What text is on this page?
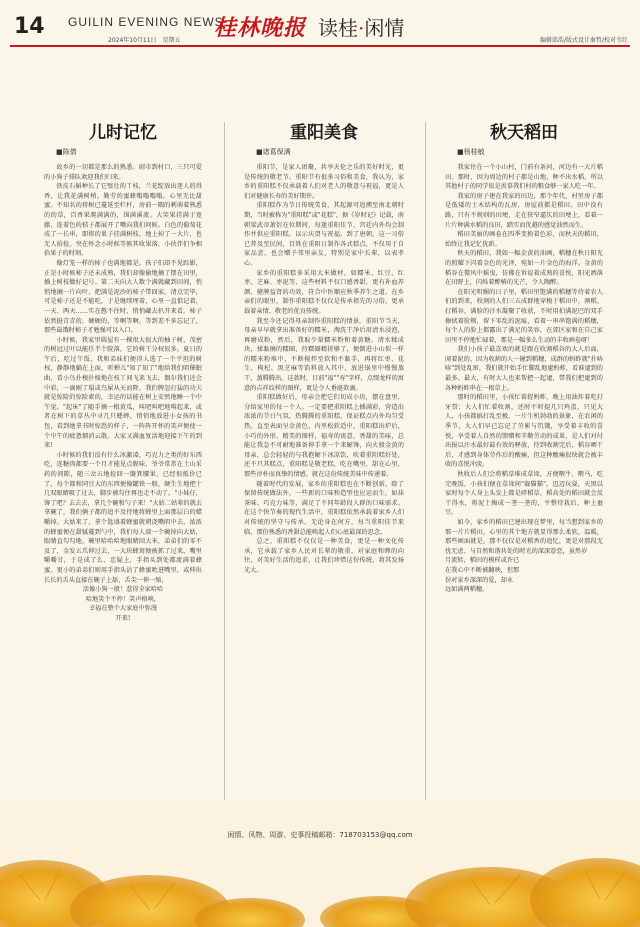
14 GUILIN EVENING NEWS
2024年10月11日　星期五 桂林晚报 读桂·闲情
编辑邱浩/版式设计秦哲/校对韦红
儿时记忆
■陈倩

故乡的一切都是那么的熟悉。闹市到村口，三只可爱的小狗子排队欢迎我们归来。

铁皮石斛种长了它壁壮的丫枝，兰花绽放出迷人的得香，让我花满树梢。勤劳的蜜蜂嗡嗡嗡嗡，心里无比甜蜜。不知名的将树已蔓延至栏杆，房前一隅的刺萌着熟悉的的草，百香果爬满满的，围满溪流。大笑果挂满于宽藤，连着色的桔子都展开了嘴向我们问候。白色的葡萄花成了一长串，即将的果子挂满树枝，地上掉了一大片，也无人拾捡。突在怀念小时候等候其收果落，小伙伴们争相拾果子的时刻。

像灯笼一样的柿子也满地都是。孩子们却不见踪影，正是小时候柿子还未成熟，我们却像偷地摘了摆在田里，插上树枝做好记号。第二天向大人数个满就藏到田间，悄悄地摘一片向叶，把满是泥沙的柿子带回家。清点完毕，可是柿子还是不能吃，于是继续埋着，心里一直惦记着，一天、两天……实在憋不住时，悄悄藏去扒开来看。柿子依然挺青青的，硬硬的，等啊等啊，等到差不多忘记了，那些最饿时柿子才勉强可以入口。

小时候，我家里圆屋有一棵很大很大的柚子树，茂密的树冠过叶以能任半个院落，它的树干分权很多。夏日的午后，吃过午饭，我和弟妹们便得人选了一个平坦的树权，静静地躺在上面，听蝉儿"知了知了"地给我们唱催眠曲，看小鸟扑梭扑棱地在枝丫间飞来飞去，偶尔我们还会中彩，一滴刚了塌或鸟屎从天而降，我们脾忽打猛的功夫就是惊险的惊险素的，幸运的话能在树上安然地睡一个中午觉。"起床"了随手摘一根黄瓜，叫吧叫吧地啃起来，或者在树下的草丛中寻几只蟋蟀，悄悄地放进小女孩的书包，看到她拿书时惊恐的样子，一阵阵开怀的笑声便使一个中午的疲惫烟消云散。大家又满血复活地迎接下午的到来!

小时候的我们没有什么冰激凌、巧克力之类的好东西吃，连糖肉都要一个月才能见点腥味，爷爷常常在土山采药的间隙，随三岔五地捡回一簸箕腰果，已经很抵价已了，每个都和同豆大的东西便像罐铁一般，硬生生地把十几双眼睛吸了过去，脚步被勾住再也走不动了。"小妹仔，馋了吧？去去去，拿几个碗和勺子来！"大姑二姑辈的就去拿碗了，我们俩子都的追不及待地将蜂里上面那层白的蜡嚼掉。大姑来了，拿个匙盛着蜂蜜就朝浇嘴唱中去，浓浓的蜂蜜便在甜腻蔓到勺中，我们每人端一个碗掉向大姑，眼睛直勾勾地，碗里哈哈哈地眼睛回大米，弟弟们的零不及了，金发五爪伸过去，一大块蜂窝便被抓了过来，嘴里嚼嚼甘，于是成了么、忠疑上，手指头到处都流满着蜂蜜。更小的弟弟们则用手指头沾了蜂蜜吮进嘴里，或伸出长长的舌头直接在碗子上舔，舌尖一伸一缩，

活像小狗一般！惹得全家哈哈

哈地笑个不停！笑声格唤，

幸福在整个大家庭中弥漫

开来!

重阳美食
■诸葛保满

重阳节，是家人团聚，共享天伦之乐的美好时光，更是传统的敬老节。重阳节有很多习俗和美食，我认为，家乡的重阳糕不仅承载着人们对老人的敬意与祝福，更是人们对健康长寿的美好期许。

重阳糕作为节日传统美食，其起源可追溯至南北朝时期，当时被称为"重阳糕"或"花糕"，据《岁时记》记载，南朝梁武帝萧衍在位期间，每逢重阳佳节，宫廷内外均会制作并供应重阳糕，以示庆贺与祝福。到了唐朝，这一习俗已普及至民间，百姓在重阳日制作各式糕点，不仅用于自家品尝，也会赠予邻里亲友，特别是家中长辈，以表孝心。

家乡的重阳糕多采用大米做材，如糯米、红豆、红枣、芝麻、枣泥等，这些材料不仅口感香甜，更有补血养颜、健脾益肾的功效，符合中医顺应秋季养生之道。在乡亲们的眼里，制作重阳糕不仅仅是传承祖先的习俗，更承载着亲情、敬老的优良传统。

我至今还记得母亲制作重阳糕的情景。重阳节当天，母亲早早就拿出准备好的糯米，淘洗干净后用清水浸泡，再磨成粉，然后，我取少量糯米粉和着黄糖，清水糅成块，揉黏摘的糯圈，待糯圈精搓够了，便倒进小山似一样的糯米粉堆中，不断搅拌至软和不黏手，再将红枣、花生、枸杞、黑芝麻等馅料放入其中，放进锅里中慢慢蒸干，蒸腾腾出。这款时，目前"福""寿"字样，点缀龙样的寓意的吉祥纹样的图样，更是令人垂涎欲滴。

重阳糕做好后，母亲会把它们切成小块，摆在盘里，分给家里的每一个人。一定要把重阳糕上插满彩，营造出浓浓的节日气氛，热腾腾的重阳糕，保证糕点内外均匀受热。直至表面呈金黄色，内里松软适中，重阳糕出炉后，小巧的外形，精美的图样，福寿的寓意，香甜的美味，总能让我急不可耐地准备伸手拿一个来解馋，向火般金黄的母亲，总会轻轻的与我抱解下冰凉饮，吹着重阳糕好处，还不只其糕点，重阳糕是敬老糕，吃在嘴里，甜在心里，那些淳朴而真挚的情感，就在这份传统美味中传递着。

随着时代的发展，家乡的重阳糕也在不断创新，除了保留传统做法外，一些新的口味和造型也应运而生，如抹茶味、巧克力味等，满足了不同年龄段人群的口味需求。在这个快节奏的现代生活中，重阳糕依然承载着家乡人们对传统的坚守与传承，无论身在何方，每当重阳佳节来临，那份熟悉的香甜总能唤起人们心底最深的思念。

总之，重阳糕不仅仅是一种美食，更是一种文化传承，它承载了家乡人民对长辈的敬重，对家庭和睦的向往，对美好生活的追求，让我们珍惜这份传统，将其发扬光大。

秋天稻田
■杨桂敏

我家住在一个小山村，门前有条河，河边有一大片稻田。那时，因为周边的村子都是山地，种不出水稻，所以其他村子的同学很是羡慕我们村的粮食够一家人吃一年。

我家的房子建在我家的田边，那个年代，村里房子都是低矮的土木结构的瓦房，房屋前都是稻田。田中没有路，只有不规则的田埂，走在狭窄逼仄的田埂上，看着一片片种满水稻的良田，踏实而优越的感觉油然而生。

稻田美丽的画卷在四季变换着色彩，而秋天的稻田，始终让我记忆犹新。

秋天的稻田，我如一幅金黄的油画，稻穗在秋日阳光的照耀下闪着金色的光泽，宛如一片金色的海洋。金黄的稻谷在微风中摇曳，仿佛在诉说着成熟的喜悦，阳光洒落在田野上，闪烁着醉椿的光芒，令人陶醉。

在阳光明媚的日子里，稻田里饱满的稻穗等待着农人们的到来，收割的人们三五成群地穿梭于稻田中，割稻、打稻谷，满脸的汗水凝聚了收获，不时用拍满泥巴的双手擦拭着脸颊，留下零乱的泥痕，看着一串串饱满的稻穗，每个人的脸上都露出了满足的笑容，在郊区家和在自己家田里不停地忙碌着，那是一幅多么生动的丰收画卷呀！

我们小孩子最喜欢的就是跟在收割稻谷的大人后面，闻着泥的、因为收割的人一碰到稻穗，成群的蚂蚱就"扑哧哧"到处乱窜，我们就开始手忙脚乱地逮蚂蚱，看谁逮到的最多。最大，有时大人也来帮把一起逮，带我们把逮到的各种蚂蚱串在一根草上。

那时的稻田里，小孩忙着捉蚂蚱，晚上用油炸着吃打牙祭；大人们忙着收割，还时不时提几只鸡蛋，只见大人，小孩都搞打乱至极，一片生机勃勃的景象，在农闲的季节，大人们早已忘记了劳累与饥饿，享受着丰收的喜悦，享受着人自然的馈赠和辛勤劳动的成果，是人们对付出报以汗水最好最有效的释放，待到收割完后，稻谷晒干后，才感到身体劳作后的酸痛，但这种酸痛很快就会被丰收的喜悦冲淡。

秋收后人们会将稻草堆成草垛，方便喂牛、喂马，吃完晚饭，小孩们便在草垛间"躲猫猫"，迈迈玩耍，天黑以家时每个人身上头发上都是碎稻草，稻高处的稻田就会反干得水，将泥土掏成一垄一垄的，平整待栽后，种上蚕豆。

如今，家乡的稻田已建出现在梦里，每当想到家乡的那一片片稻田，心里的其个地方就显得那么柔软，温暖，那些画面就是，那不仅仅是对稻香的追忆，更是对那段无忧无虑、与自然和谐共处的时光的深深眷恋，虽然岁

月流转，稻田的模样或许已

在我心中不断被翻映，但那

份对家乡深深的爱，却永

远如满两稻穗。

闲情、风物、周游、史事投稿邮箱：718703153@qq.com
